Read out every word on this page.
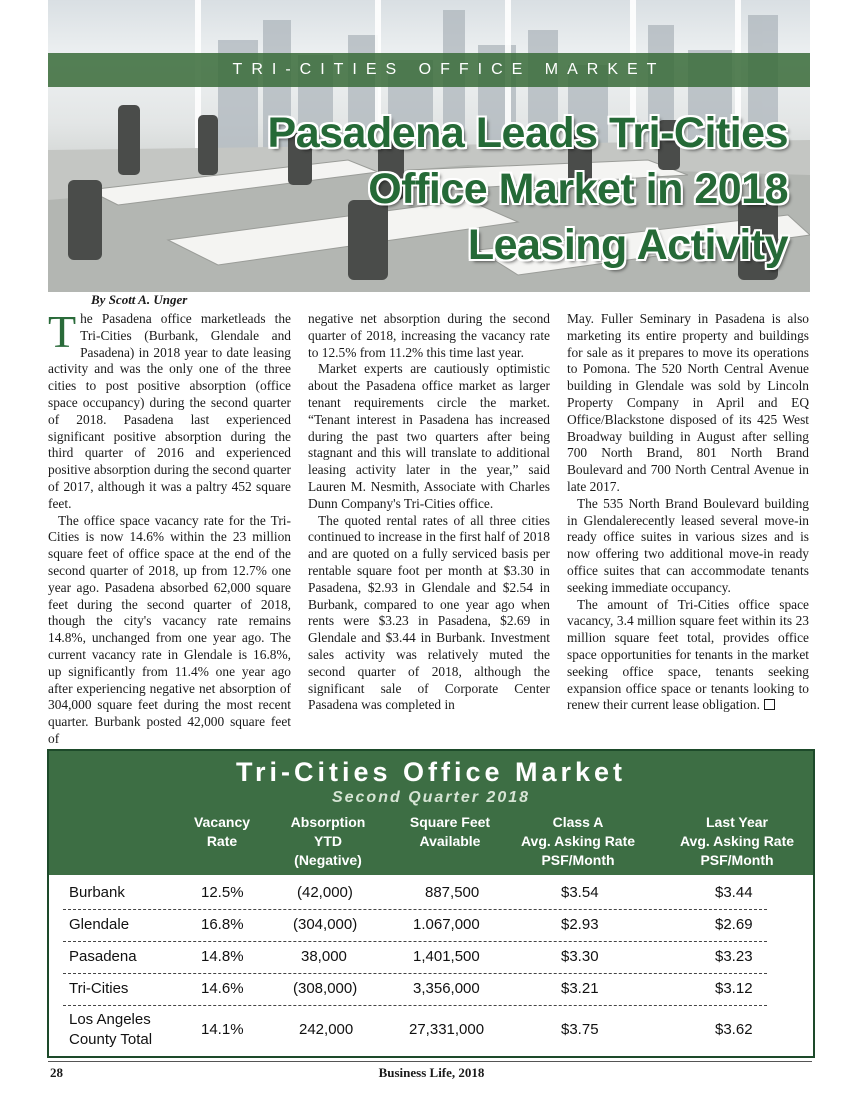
TRI-CITIES OFFICE MARKET
Pasadena Leads Tri-Cities
Office Market in 2018
Leasing Activity
By Scott A. Unger

The Pasadena office marketleads the Tri-Cities (Burbank, Glendale and Pasadena) in 2018 year to date leasing activity and was the only one of the three cities to post positive absorption (office space occupancy) during the second quarter of 2018. Pasadena last experienced significant positive absorption during the third quarter of 2016 and experienced positive absorption during the second quarter of 2017, although it was a paltry 452 square feet.

The office space vacancy rate for the Tri-Cities is now 14.6% within the 23 million square feet of office space at the end of the second quarter of 2018, up from 12.7% one year ago. Pasadena absorbed 62,000 square feet during the second quarter of 2018, though the city's vacancy rate remains 14.8%, unchanged from one year ago. The current vacancy rate in Glendale is 16.8%, up significantly from 11.4% one year ago after experiencing negative net absorption of 304,000 square feet during the most recent quarter. Burbank posted 42,000 square feet of

negative net absorption during the second quarter of 2018, increasing the vacancy rate to 12.5% from 11.2% this time last year.

Market experts are cautiously optimistic about the Pasadena office market as larger tenant requirements circle the market. “Tenant interest in Pasadena has increased during the past two quarters after being stagnant and this will translate to additional leasing activity later in the year,” said Lauren M. Nesmith, Associate with Charles Dunn Company's Tri-Cities office.

The quoted rental rates of all three cities continued to increase in the first half of 2018 and are quoted on a fully serviced basis per rentable square foot per month at $3.30 in Pasadena, $2.93 in Glendale and $2.54 in Burbank, compared to one year ago when rents were $3.23 in Pasadena, $2.69 in Glendale and $3.44 in Burbank. Investment sales activity was relatively muted the second quarter of 2018, although the significant sale of Corporate Center Pasadena was completed in

May. Fuller Seminary in Pasadena is also marketing its entire property and buildings for sale as it prepares to move its operations to Pomona. The 520 North Central Avenue building in Glendale was sold by Lincoln Property Company in April and EQ Office/Blackstone disposed of its 425 West Broadway building in August after selling 700 North Brand, 801 North Brand Boulevard and 700 North Central Avenue in late 2017.

The 535 North Brand Boulevard building in Glendalerecently leased several move-in ready office suites in various sizes and is now offering two additional move-in ready office suites that can accommodate tenants seeking immediate occupancy.

The amount of Tri-Cities office space vacancy, 3.4 million square feet within its 23 million square feet total, provides office space opportunities for tenants in the market seeking office space, tenants seeking expansion office space or tenants looking to renew their current lease obligation.

Tri-Cities Office Market
Second Quarter 2018
Vacancy
Rate
Absorption
YTD
(Negative)
Square Feet
Available
Class A
Avg. Asking Rate
PSF/Month
Last Year
Avg. Asking Rate
PSF/Month
Burbank	12.5%	(42,000)	887,500	$3.54	$3.44
Glendale	16.8%	(304,000)	1.067,000	$2.93	$2.69
Pasadena	14.8%	38,000	1,401,500	$3.30	$3.23
Tri-Cities	14.6%	(308,000)	3,356,000	$3.21	$3.12
Los Angeles
County Total
14.1%	242,000	27,331,000	$3.75	$3.62
28	Business Life, 2018
